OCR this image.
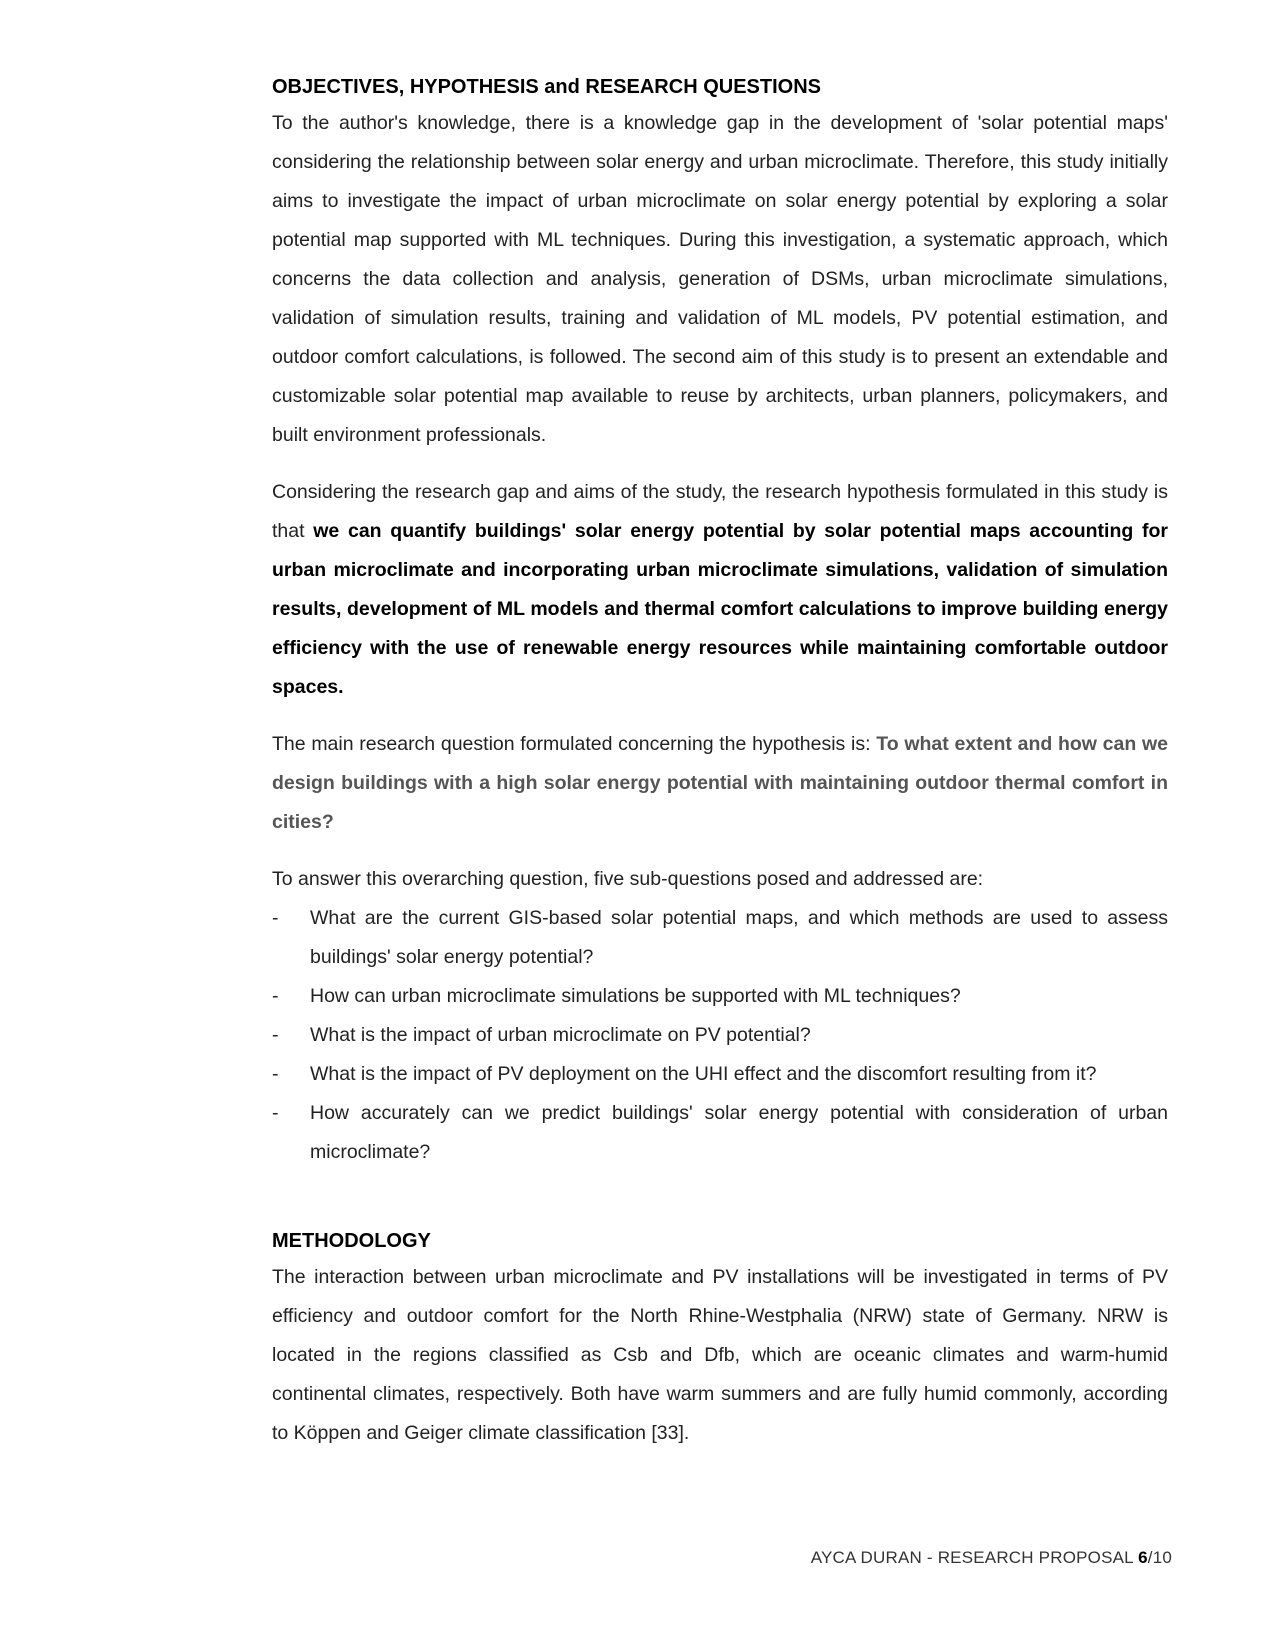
OBJECTIVES, HYPOTHESIS and RESEARCH QUESTIONS

To the author's knowledge, there is a knowledge gap in the development of 'solar potential maps' considering the relationship between solar energy and urban microclimate. Therefore, this study initially aims to investigate the impact of urban microclimate on solar energy potential by exploring a solar potential map supported with ML techniques. During this investigation, a systematic approach, which concerns the data collection and analysis, generation of DSMs, urban microclimate simulations, validation of simulation results, training and validation of ML models, PV potential estimation, and outdoor comfort calculations, is followed. The second aim of this study is to present an extendable and customizable solar potential map available to reuse by architects, urban planners, policymakers, and built environment professionals.

Considering the research gap and aims of the study, the research hypothesis formulated in this study is that we can quantify buildings' solar energy potential by solar potential maps accounting for urban microclimate and incorporating urban microclimate simulations, validation of simulation results, development of ML models and thermal comfort calculations to improve building energy efficiency with the use of renewable energy resources while maintaining comfortable outdoor spaces.

The main research question formulated concerning the hypothesis is: To what extent and how can we design buildings with a high solar energy potential with maintaining outdoor thermal comfort in cities?

To answer this overarching question, five sub-questions posed and addressed are:

- What are the current GIS-based solar potential maps, and which methods are used to assess buildings' solar energy potential?
- How can urban microclimate simulations be supported with ML techniques?
- What is the impact of urban microclimate on PV potential?
- What is the impact of PV deployment on the UHI effect and the discomfort resulting from it?
- How accurately can we predict buildings' solar energy potential with consideration of urban microclimate?
METHODOLOGY

The interaction between urban microclimate and PV installations will be investigated in terms of PV efficiency and outdoor comfort for the North Rhine-Westphalia (NRW) state of Germany. NRW is located in the regions classified as Csb and Dfb, which are oceanic climates and warm-humid continental climates, respectively. Both have warm summers and are fully humid commonly, according to Köppen and Geiger climate classification [33].

AYCA DURAN - RESEARCH PROPOSAL 6/10
